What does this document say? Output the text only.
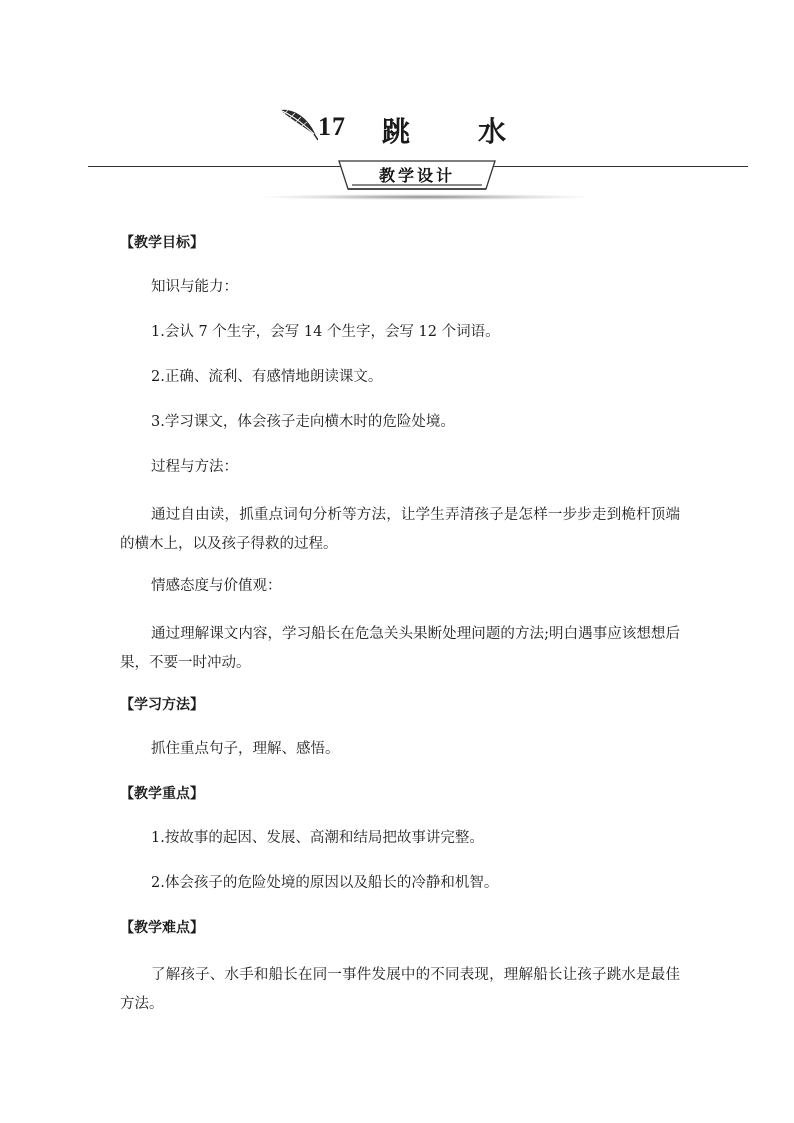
17 跳水
教学设计
【教学目标】
知识与能力：
1.会认 7 个生字，会写 14 个生字，会写 12 个词语。
2.正确、流利、有感情地朗读课文。
3.学习课文，体会孩子走向横木时的危险处境。
过程与方法：
通过自由读，抓重点词句分析等方法，让学生弄清孩子是怎样一步步走到桅杆顶端的横木上，以及孩子得救的过程。
情感态度与价值观：
通过理解课文内容，学习船长在危急关头果断处理问题的方法;明白遇事应该想想后果，不要一时冲动。
【学习方法】
抓住重点句子，理解、感悟。
【教学重点】
1.按故事的起因、发展、高潮和结局把故事讲完整。
2.体会孩子的危险处境的原因以及船长的冷静和机智。
【教学难点】
了解孩子、水手和船长在同一事件发展中的不同表现，理解船长让孩子跳水是最佳方法。
